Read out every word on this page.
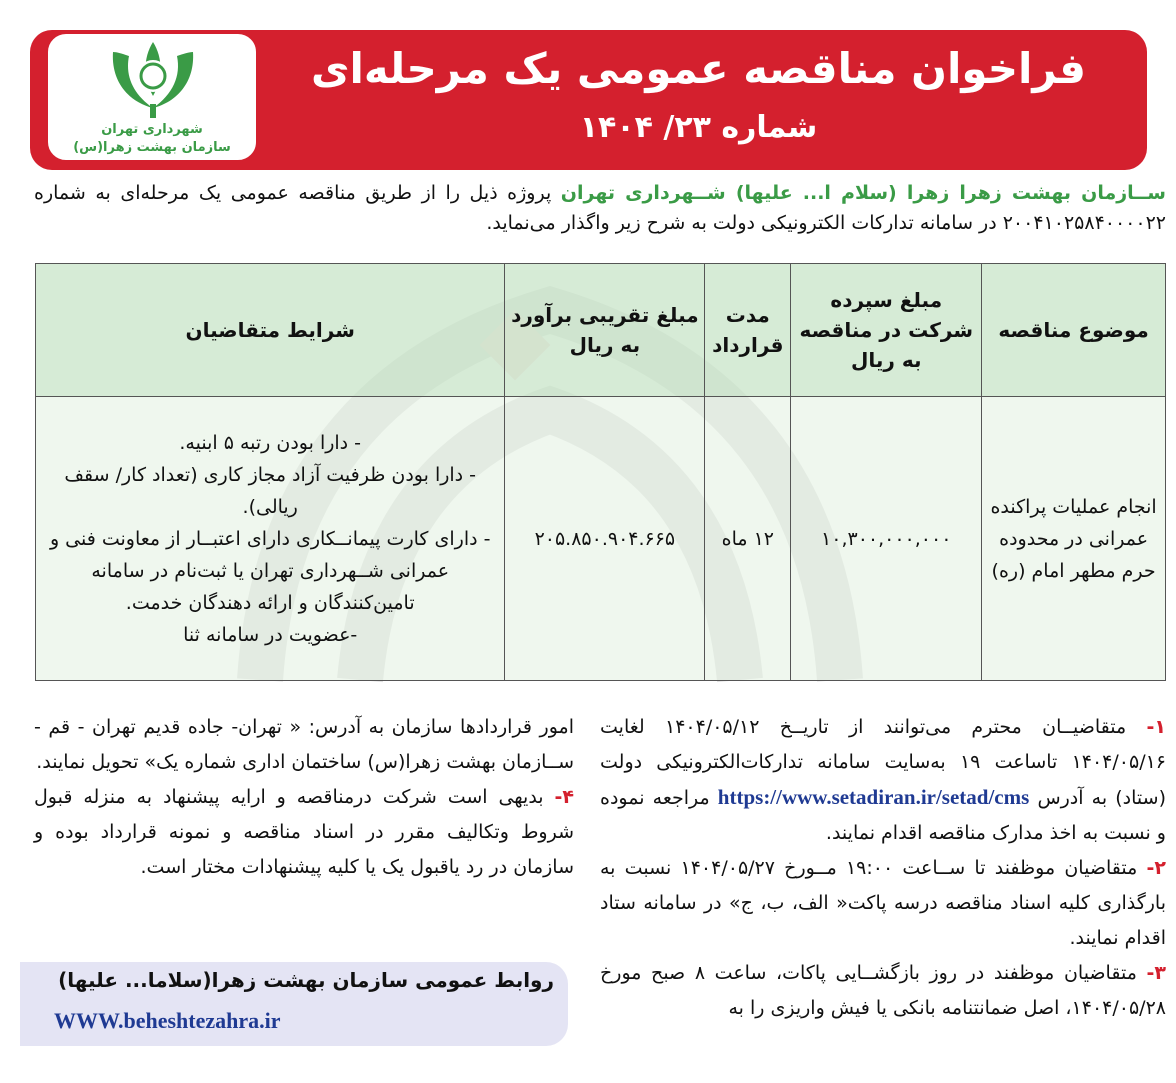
فراخوان مناقصه عمومی یک مرحله‌ای
شماره ۲۳/ ۱۴۰۴
شهرداری تهران
سازمان بهشت زهرا(س)
ســازمان بهشت زهرا زهرا (سلام ا... علیها) شــهرداری تهران پروژه ذیل را از طریق مناقصه عمومی یک مرحله‌ای به شماره ۲۰۰۴۱۰۲۵۸۴۰۰۰۰۲۲ در سامانه تدارکات الکترونیکی دولت به شرح زیر واگذار می‌نماید.
موضوع مناقصه	مبلغ سپرده شرکت در مناقصه به ریال	مدت قرارداد	مبلغ تقریبی برآورد به ریال	شرایط متقاضیان
انجام عملیات پراکنده عمرانی در محدوده حرم مطهر امام (ره)	۱۰,۳۰۰,۰۰۰,۰۰۰	۱۲ ماه	۲۰۵.۸۵۰.۹۰۴.۶۶۵	- دارا بودن رتبه ۵ ابنیه.
- دارا بودن ظرفیت آزاد مجاز کاری (تعداد کار/ سقف ریالی).
- دارای کارت پیمانــکاری دارای اعتبــار از معاونت فنی و عمرانی شــهرداری تهران یا ثبت‌نام در سامانه تامین‌کنندگان و ارائه دهندگان خدمت.
-عضویت در سامانه ثنا
۱- متقاضیــان محترم می‌توانند از تاریــخ ۱۴۰۴/۰۵/۱۲ لغایت ۱۴۰۴/۰۵/۱۶ تاساعت ۱۹ به‌سایت سامانه تدارکات‌الکترونیکی دولت (ستاد) به آدرس https://www.setadiran.ir/setad/cms مراجعه نموده و نسبت به اخذ مدارک مناقصه اقدام نمایند.
۲- متقاضیان موظفند تا ســاعت ۱۹:۰۰ مــورخ ۱۴۰۴/۰۵/۲۷ نسبت به بارگذاری کلیه اسناد مناقصه درسه پاکت« الف، ب، ج» در سامانه ستاد اقدام نمایند.
۳- متقاضیان موظفند در روز بازگشــایی پاکات، ساعت ۸ صبح مورخ ۱۴۰۴/۰۵/۲۸، اصل ضمانتنامه بانکی یا فیش واریزی را به
امور قراردادها سازمان به آدرس: « تهران- جاده قدیم تهران - قم - ســازمان بهشت زهرا(س) ساختمان اداری شماره یک» تحویل نمایند.
۴- بدیهی است شرکت درمناقصه و ارایه پیشنهاد به منزله قبول شروط وتکالیف مقرر در اسناد مناقصه و نمونه قرارداد بوده و سازمان در رد یاقبول یک یا کلیه پیشنهادات مختار است.
روابط عمومی سازمان بهشت زهرا(سلاما... علیها)
WWW.beheshtezahra.ir
